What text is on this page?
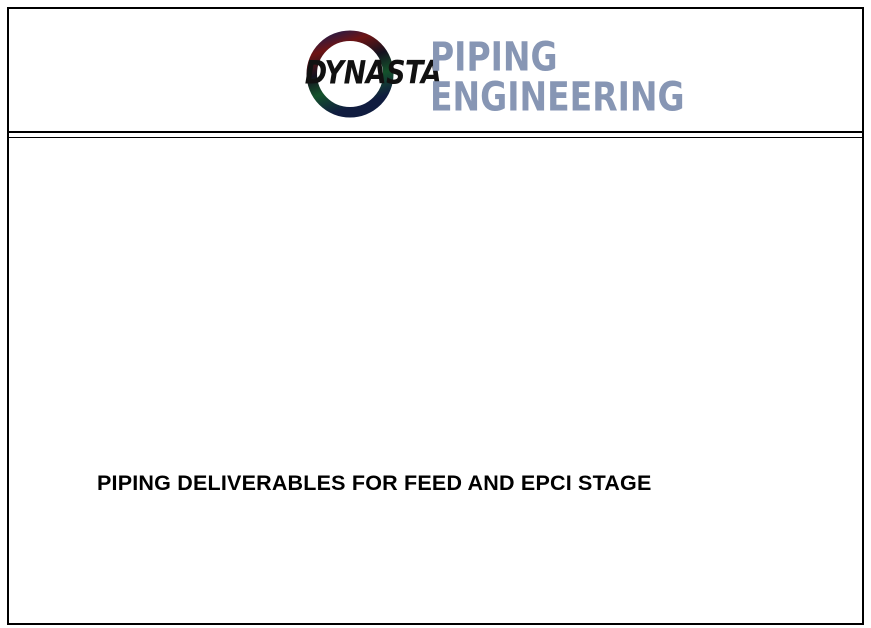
DYNASTA
PIPING
ENGINEERING
PIPING DELIVERABLES FOR FEED AND EPCI STAGE
